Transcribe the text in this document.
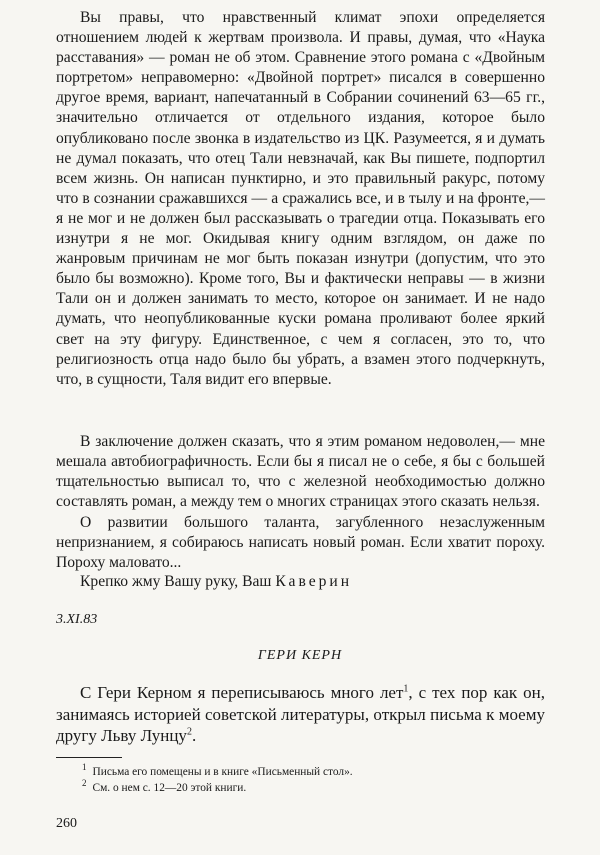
Вы правы, что нравственный климат эпохи определяется отношением людей к жертвам произвола. И правы, думая, что «Наука расставания» — роман не об этом. Сравнение этого романа с «Двойным портретом» неправомерно: «Двойной портрет» писался в совершенно другое время, вариант, напечатанный в Собрании сочинений 63—65 гг., значительно отличается от отдельного издания, которое было опубликовано после звонка в издательство из ЦК. Разумеется, я и думать не думал показать, что отец Тали невзначай, как Вы пишете, подпортил всем жизнь. Он написан пунктирно, и это правильный ракурс, потому что в сознании сражавшихся — а сражались все, и в тылу и на фронте,— я не мог и не должен был рассказывать о трагедии отца. Показывать его изнутри я не мог. Окидывая книгу одним взглядом, он даже по жанровым причинам не мог быть показан изнутри (допустим, что это было бы возможно). Кроме того, Вы и фактически неправы — в жизни Тали он и должен занимать то место, которое он занимает. И не надо думать, что неопубликованные куски романа проливают более яркий свет на эту фигуру. Единственное, с чем я согласен, это то, что религиозность отца надо было бы убрать, а взамен этого подчеркнуть, что, в сущности, Таля видит его впервые.

В заключение должен сказать, что я этим романом недоволен,— мне мешала автобиографичность. Если бы я писал не о себе, я бы с большей тщательностью выписал то, что с железной необходимостью должно составлять роман, а между тем о многих страницах этого сказать нельзя.

О развитии большого таланта, загубленного незаслуженным непризнанием, я собираюсь написать новый роман. Если хватит пороху. Пороху маловато...

Крепко жму Вашу руку, Ваш Каверин
3.XI.83
ГЕРИ КЕРН

С Гери Керном я переписываюсь много лет$^1$, с тех пор как он, занимаясь историей советской литературы, открыл письма к моему другу Льву Лунцу$^2$.

$^1$ Письма его помещены и в книге «Письменный стол».
$^2$ См. о нем с. 12—20 этой книги.
260
